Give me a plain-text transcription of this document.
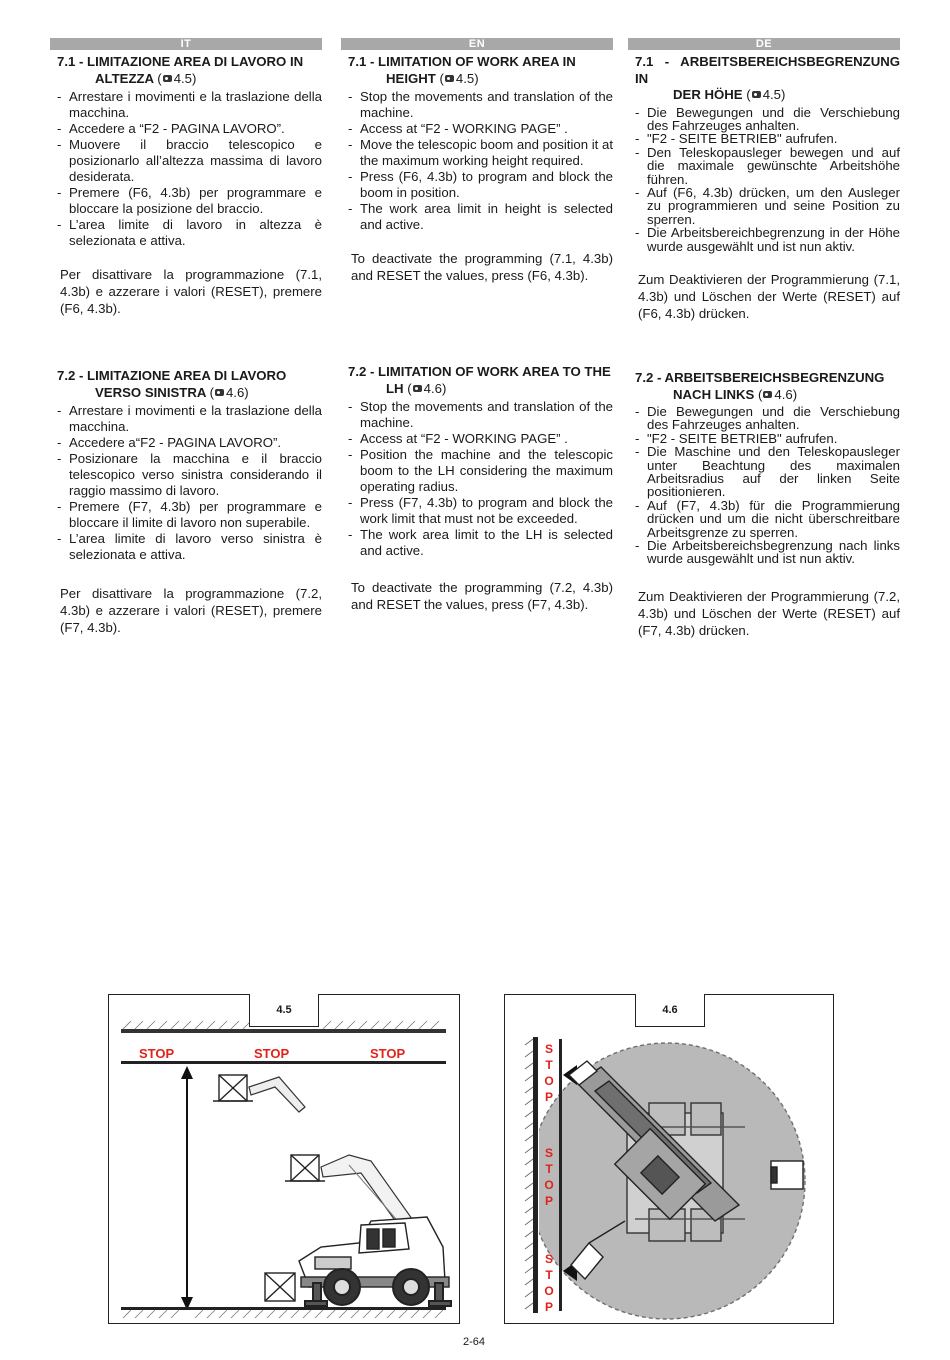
IT
7.1 - LIMITAZIONE AREA DI LAVORO IN
ALTEZZA ( 4.5)
- Arrestare i movimenti e la traslazione della macchina.
- Accedere a “F2 - PAGINA LAVORO”.
- Muovere il braccio telescopico e posizionarlo all’altezza massima di lavoro desiderata.
- Premere (F6, 4.3b) per programmare e bloccare la posizione del braccio.
- L’area limite di lavoro in altezza è selezionata e attiva.

Per disattivare la programmazione (7.1, 4.3b) e azzerare i valori (RESET), premere (F6, 4.3b).

7.2 - LIMITAZIONE AREA DI LAVORO
VERSO SINISTRA ( 4.6)
- Arrestare i movimenti e la traslazione della macchina.
- Accedere a“F2 - PAGINA LAVORO”.
- Posizionare la macchina e il braccio telescopico verso sinistra considerando il raggio massimo di lavoro.
- Premere (F7, 4.3b) per programmare e bloccare il limite di lavoro non superabile.
- L’area limite di lavoro verso sinistra è selezionata e attiva.

Per disattivare la programmazione (7.2, 4.3b) e azzerare i valori (RESET), premere (F7, 4.3b).

EN
7.1 - LIMITATION OF WORK AREA IN
HEIGHT ( 4.5)
- Stop the movements and translation of the machine.
- Access at “F2 - WORKING PAGE” .
- Move the telescopic boom and position it at the maximum working height required.
- Press (F6, 4.3b) to program and block the boom in position.
- The work area limit in height is selected and active.

To deactivate the programming (7.1, 4.3b) and RESET the values, press (F6, 4.3b).

7.2 - LIMITATION OF WORK AREA TO THE
LH ( 4.6)
- Stop the movements and translation of the machine.
- Access at “F2 - WORKING PAGE” .
- Position the machine and the telescopic boom to the LH considering the maximum operating radius.
- Press (F7, 4.3b) to program and block the work limit that must not be exceeded.
- The work area limit to the LH is selected and active.

To deactivate the programming (7.2, 4.3b) and RESET the values, press (F7, 4.3b).

DE
7.1 - ARBEITSBEREICHSBEGRENZUNG IN
DER HÖHE ( 4.5)
- Die Bewegungen und die Verschiebung des Fahrzeuges anhalten.
- "F2 - SEITE BETRIEB" aufrufen.
- Den Teleskopausleger bewegen und auf die maximale gewünschte Arbeitshöhe führen.
- Auf (F6, 4.3b) drücken, um den Ausleger zu programmieren und seine Position zu sperren.
- Die Arbeitsbereichbegrenzung in der Höhe wurde ausgewählt und ist nun aktiv.

Zum Deaktivieren der Programmierung (7.1, 4.3b) und Löschen der Werte (RESET) auf (F6, 4.3b) drücken.

7.2 - ARBEITSBEREICHSBEGRENZUNG
NACH LINKS ( 4.6)
- Die Bewegungen und die Verschiebung des Fahrzeuges anhalten.
- "F2 - SEITE BETRIEB" aufrufen.
- Die Maschine und den Teleskopausleger unter Beachtung des maximalen Arbeitsradius auf der linken Seite positionieren.
- Auf (F7, 4.3b) für die Programmierung drücken und um die nicht überschreitbare Arbeitsgrenze zu sperren.
- Die Arbeitsbereichsbegrenzung nach links wurde ausgewählt und ist nun aktiv.

Zum Deaktivieren der Programmierung (7.2, 4.3b) und Löschen der Werte (RESET) auf (F7, 4.3b) drücken.

4.5
STOP	STOP	STOP
4.6
S
T
O
P
S
T
O
P
S
T
O
P
2-64
